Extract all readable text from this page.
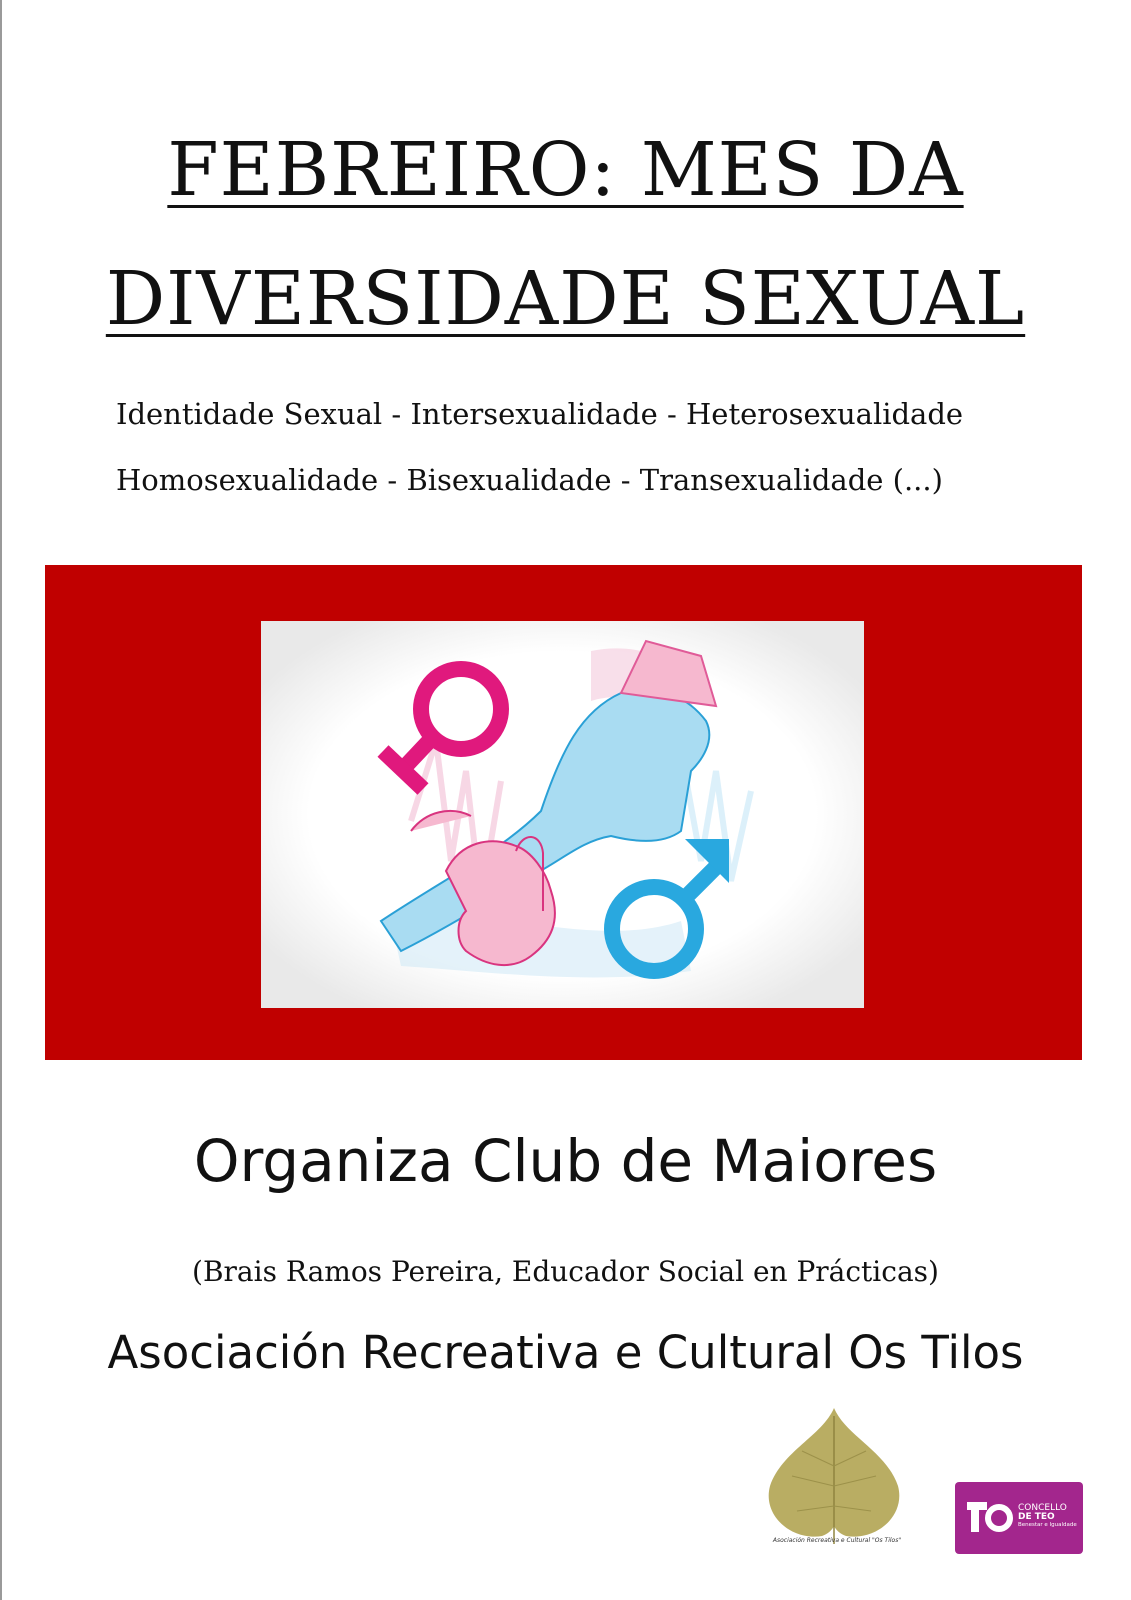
FEBREIRO: MES DA
DIVERSIDADE SEXUAL
Identidade Sexual - Intersexualidade - Heterosexualidade
Homosexualidade - Bisexualidade - Transexualidade (...)
Organiza Club de Maiores
(Brais Ramos Pereira, Educador Social en Prácticas)
Asociación Recreativa e Cultural Os Tilos
Asociación Recreativa e Cultural "Os Tilos"
CONCELLO
DE TEO
Benestar e Igualdade
